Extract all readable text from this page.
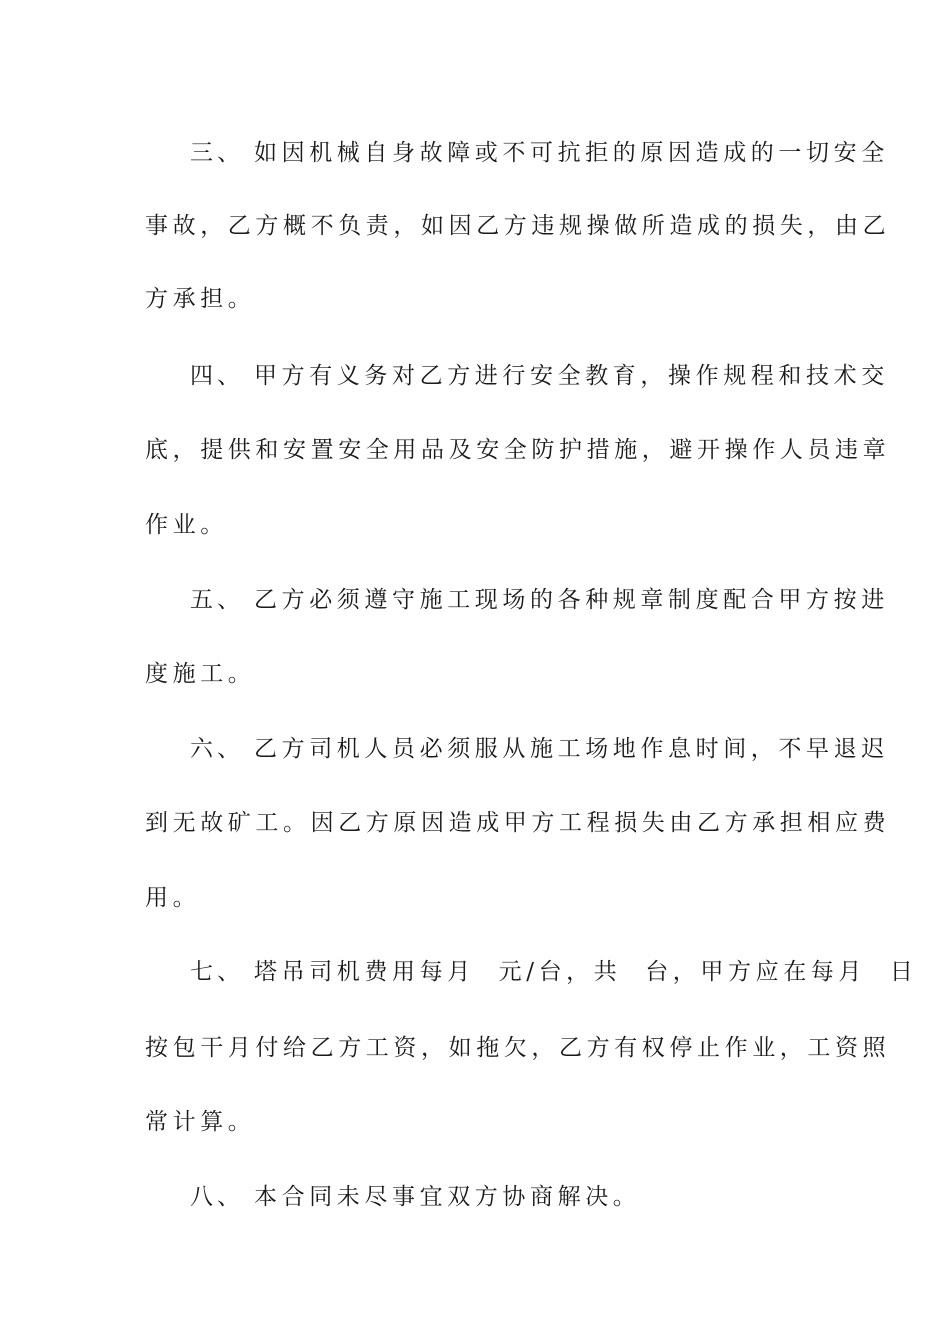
三、 如因机械自身故障或不可抗拒的原因造成的一切安全
事故，乙方概不负责，如因乙方违规操做所造成的损失，由乙
方承担。
四、 甲方有义务对乙方进行安全教育，操作规程和技术交
底，提供和安置安全用品及安全防护措施，避开操作人员违章
作业。
五、 乙方必须遵守施工现场的各种规章制度配合甲方按进
度施工。
六、 乙方司机人员必须服从施工场地作息时间，不早退迟
到无故矿工。因乙方原因造成甲方工程损失由乙方承担相应费
用。
七、 塔吊司机费用每月  元/台，共  台，甲方应在每月  日
按包干月付给乙方工资，如拖欠，乙方有权停止作业，工资照
常计算。
八、 本合同未尽事宜双方协商解决。
